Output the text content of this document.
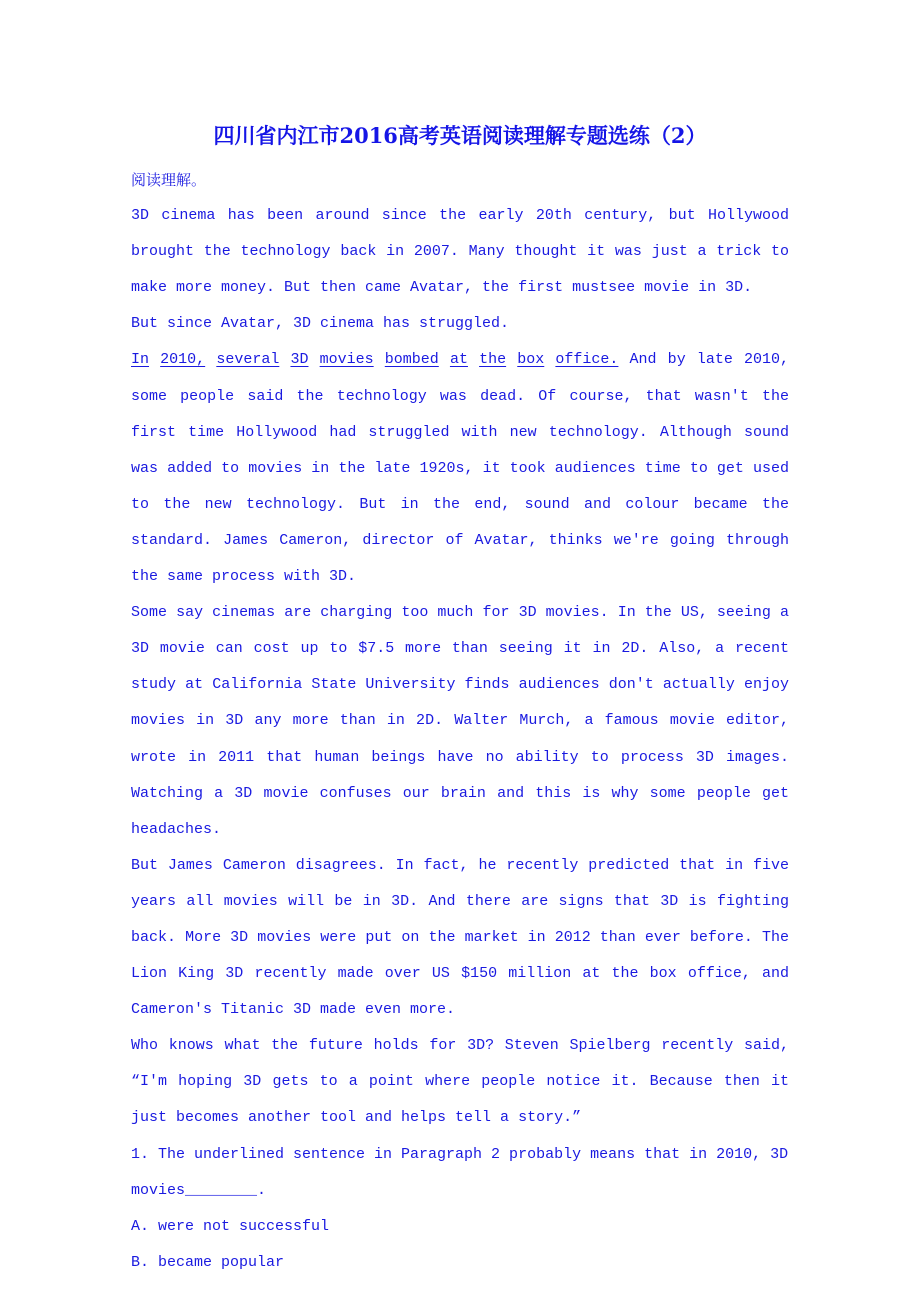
四川省内江市2016高考英语阅读理解专题选练（2）

阅读理解。

3D cinema has been around since the early 20th century, but Hollywood brought the technology back in 2007. Many thought it was just a trick to make more money. But then came Avatar, the first mustsee movie in 3D.

But since Avatar, 3D cinema has struggled.

In 2010, several 3D movies bombed at the box office. And by late 2010, some people said the technology was dead. Of course, that wasn't the first time Hollywood had struggled with new technology. Although sound was added to movies in the late 1920s, it took audiences time to get used to the new technology. But in the end, sound and colour became the standard. James Cameron, director of Avatar, thinks we're going through the same process with 3D.

Some say cinemas are charging too much for 3D movies. In the US, seeing a 3D movie can cost up to $7.5 more than seeing it in 2D. Also, a recent study at California State University finds audiences don't actually enjoy movies in 3D any more than in 2D. Walter Murch, a famous movie editor, wrote in 2011 that human beings have no ability to process 3D images. Watching a 3D movie confuses our brain and this is why some people get headaches.

But James Cameron disagrees. In fact, he recently predicted that in five years all movies will be in 3D. And there are signs that 3D is fighting back. More 3D movies were put on the market in 2012 than ever before. The Lion King 3D recently made over US $150 million at the box office, and Cameron's Titanic 3D made even more.

Who knows what the future holds for 3D? Steven Spielberg recently said, “I'm hoping 3D gets to a point where people notice it. Because then it just becomes another tool and helps tell a story.”

1. The underlined sentence in Paragraph 2 probably means that in 2010, 3D movies________.

A. were not successful

B. became popular
